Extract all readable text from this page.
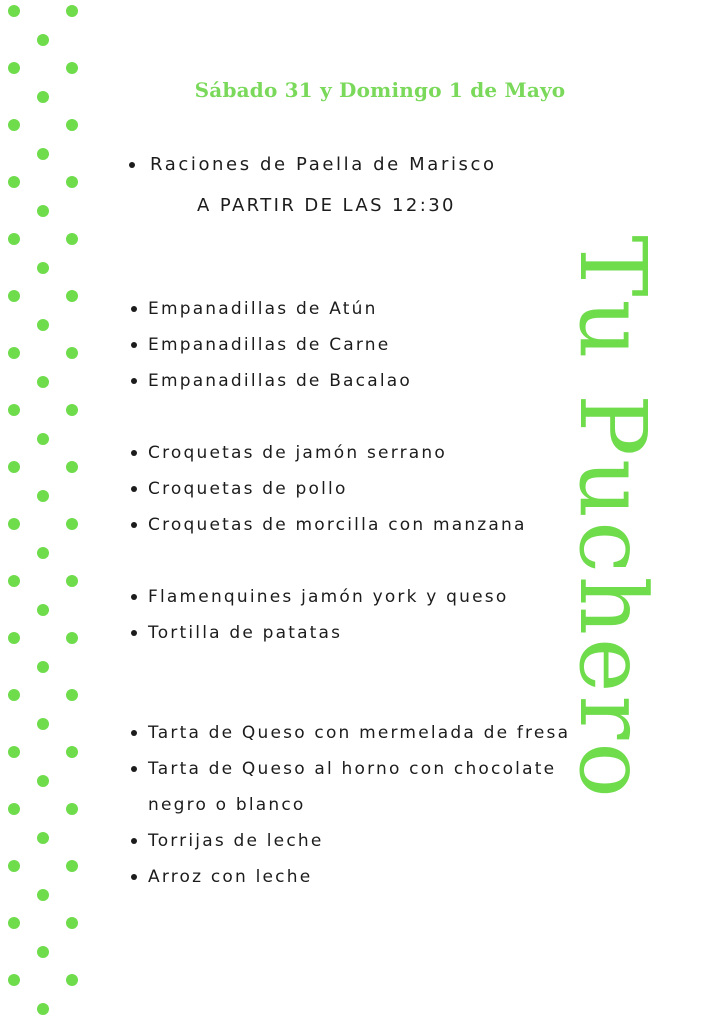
Sábado 31 y Domingo 1 de Mayo
Tu Puchero
Raciones de Paella de Marisco

A PARTIR DE LAS 12:30

Empanadillas de Atún
Empanadillas de Carne
Empanadillas de Bacalao
Croquetas de jamón serrano
Croquetas de pollo
Croquetas de morcilla con manzana
Flamenquines jamón york y queso
Tortilla de patatas
Tarta de Queso con mermelada de fresa
Tarta de Queso al horno con chocolate negro o blanco
Torrijas de leche
Arroz con leche
